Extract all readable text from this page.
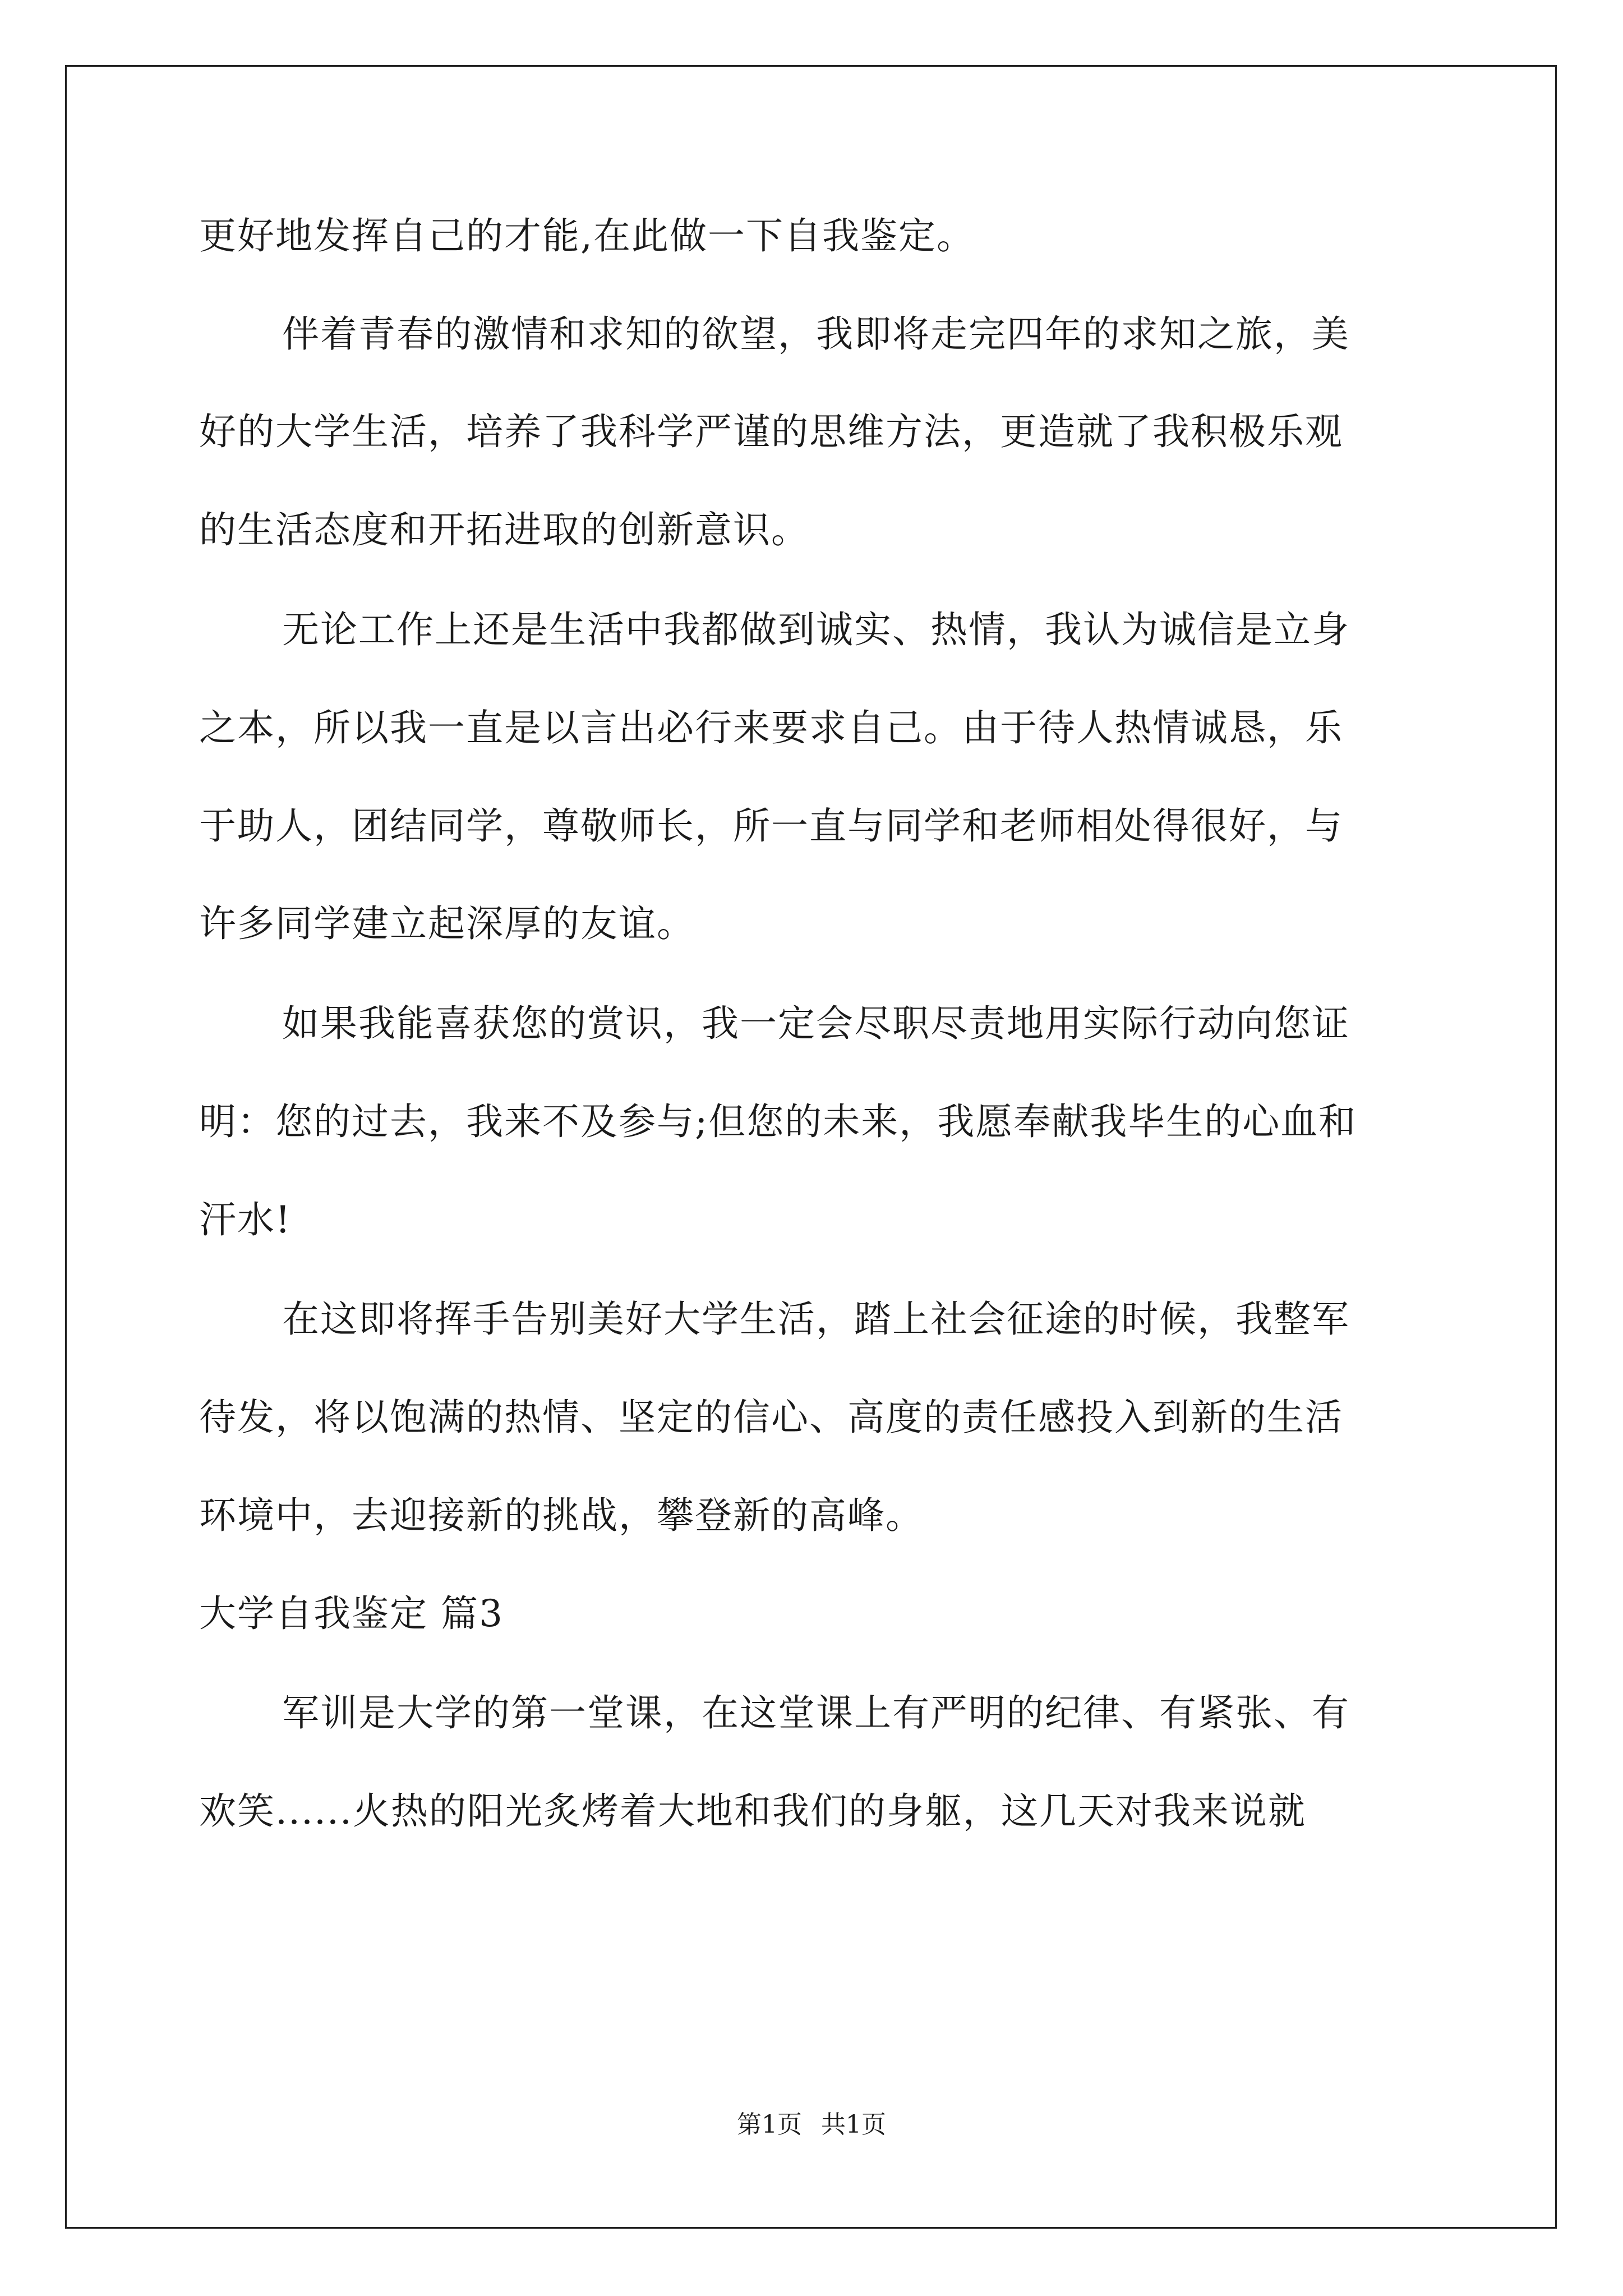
更好地发挥自己的才能,在此做一下自我鉴定。
伴着青春的激情和求知的欲望，我即将走完四年的求知之旅，美
好的大学生活，培养了我科学严谨的思维方法，更造就了我积极乐观
的生活态度和开拓进取的创新意识。
无论工作上还是生活中我都做到诚实、热情，我认为诚信是立身
之本，所以我一直是以言出必行来要求自己。由于待人热情诚恳，乐
于助人，团结同学，尊敬师长，所一直与同学和老师相处得很好，与
许多同学建立起深厚的友谊。
如果我能喜获您的赏识，我一定会尽职尽责地用实际行动向您证
明：您的过去，我来不及参与;但您的未来，我愿奉献我毕生的心血和
汗水!
在这即将挥手告别美好大学生活，踏上社会征途的时候，我整军
待发，将以饱满的热情、坚定的信心、高度的责任感投入到新的生活
环境中，去迎接新的挑战，攀登新的高峰。
大学自我鉴定 篇3
军训是大学的第一堂课，在这堂课上有严明的纪律、有紧张、有
欢笑......火热的阳光炙烤着大地和我们的身躯，这几天对我来说就
第1页 共1页
